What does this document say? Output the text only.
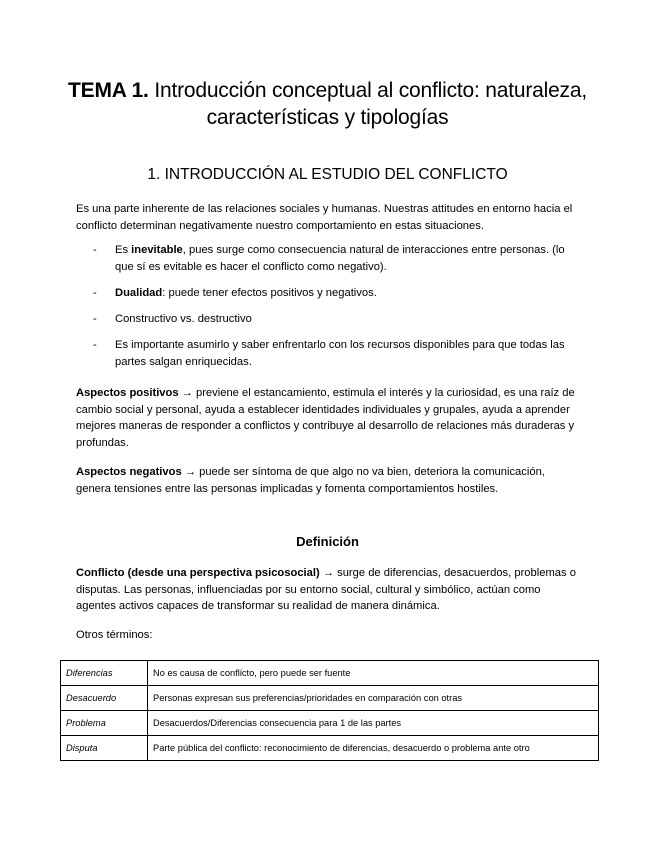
TEMA 1. Introducción conceptual al conflicto: naturaleza, características y tipologías
1. INTRODUCCIÓN AL ESTUDIO DEL CONFLICTO

Es una parte inherente de las relaciones sociales y humanas. Nuestras attitudes en entorno hacia el conflicto determinan negativamente nuestro comportamiento en estas situaciones.

-	Es inevitable, pues surge como consecuencia natural de interacciones entre personas. (lo que sí es evitable es hacer el conflicto como negativo).
-	Dualidad: puede tener efectos positivos y negativos.
-	Constructivo vs. destructivo
-	Es importante asumirlo y saber enfrentarlo con los recursos disponibles para que todas las partes salgan enriquecidas.

Aspectos positivos → previene el estancamiento, estimula el interés y la curiosidad, es una raíz de cambio social y personal, ayuda a establecer identidades individuales y grupales, ayuda a aprender mejores maneras de responder a conflictos y contribuye al desarrollo de relaciones más duraderas y profundas.

Aspectos negativos → puede ser síntoma de que algo no va bien, deteriora la comunicación, genera tensiones entre las personas implicadas y fomenta comportamientos hostiles.

Definición

Conflicto (desde una perspectiva psicosocial) → surge de diferencias, desacuerdos, problemas o disputas. Las personas, influenciadas por su entorno social, cultural y simbólico, actúan como agentes activos capaces de transformar su realidad de manera dinámica.

Otros términos:

Diferencias	No es causa de conflicto, pero puede ser fuente
Desacuerdo	Personas expresan sus preferencias/prioridades en comparación con otras
Problema	Desacuerdos/Diferencias consecuencia para 1 de las partes
Disputa	Parte pública del conflicto: reconocimiento de diferencias, desacuerdo o problema ante otro
